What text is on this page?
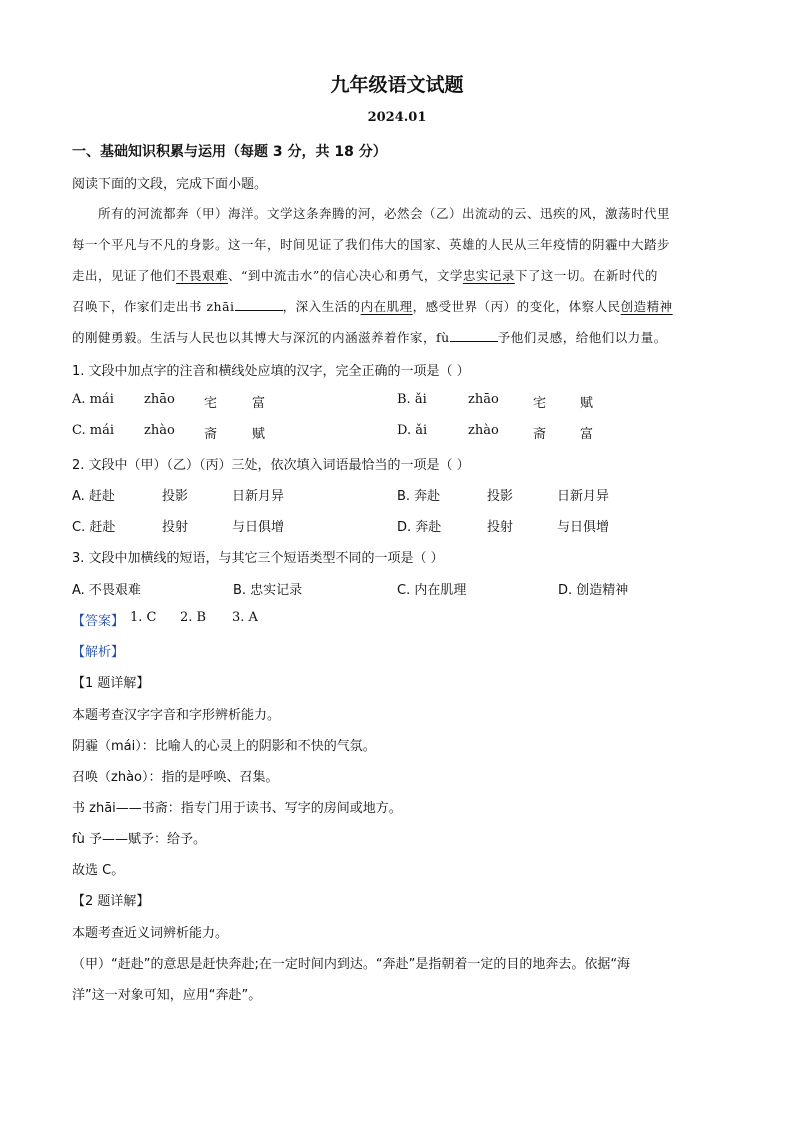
九年级语文试题
2024.01
一、基础知识积累与运用（每题 3 分，共 18 分）
阅读下面的文段，完成下面小题。
所有的河流都奔（甲）海洋。文学这条奔腾的河，必然会（乙）出流动的云、迅疾的风，激荡时代里
每一个平凡与不凡的身影。这一年，时间见证了我们伟大的国家、英雄的人民从三年疫情的阴霾中大踏步
走出，见证了他们不畏艰难、“到中流击水”的信心决心和勇气，文学忠实记录下了这一切。在新时代的
召唤下，作家们走出书 zhāi	，深入生活的内在肌理，感受世界（丙）的变化，体察人民创造精神
的刚健勇毅。生活与人民也以其博大与深沉的内涵滋养着作家，fù	予他们灵感，给他们以力量。
1. 文段中加点字的注音和横线处应填的汉字，完全正确的一项是（ ）
A. mái zhāo 宅	富	B. ǎi	zhāo	宅	赋
C. mái zhào 斋	赋	D. ǎi	zhào	斋	富
2. 文段中（甲）（乙）（丙）三处，依次填入词语最恰当的一项是（ ）
A. 赶赴	投影	日新月异	B. 奔赴	投影	日新月异
C. 赶赴	投射	与日俱增	D. 奔赴	投射	与日俱增
3. 文段中加横线的短语，与其它三个短语类型不同的一项是（ ）
A. 不畏艰难	B. 忠实记录	C. 内在肌理	D. 创造精神
【答案】 1. C 2. B 3. A
【解析】
【1 题详解】
本题考查汉字字音和字形辨析能力。
阴霾（mái）：比喻人的心灵上的阴影和不快的气氛。
召唤（zhào）：指的是呼唤、召集。
书 zhāi——书斋：指专门用于读书、写字的房间或地方。
fù 予——赋予：给予。
故选 C。
【2 题详解】
本题考查近义词辨析能力。
（甲）“赶赴”的意思是赶快奔赴;在一定时间内到达。“奔赴”是指朝着一定的目的地奔去。依据“海
洋”这一对象可知，应用“奔赴”。
